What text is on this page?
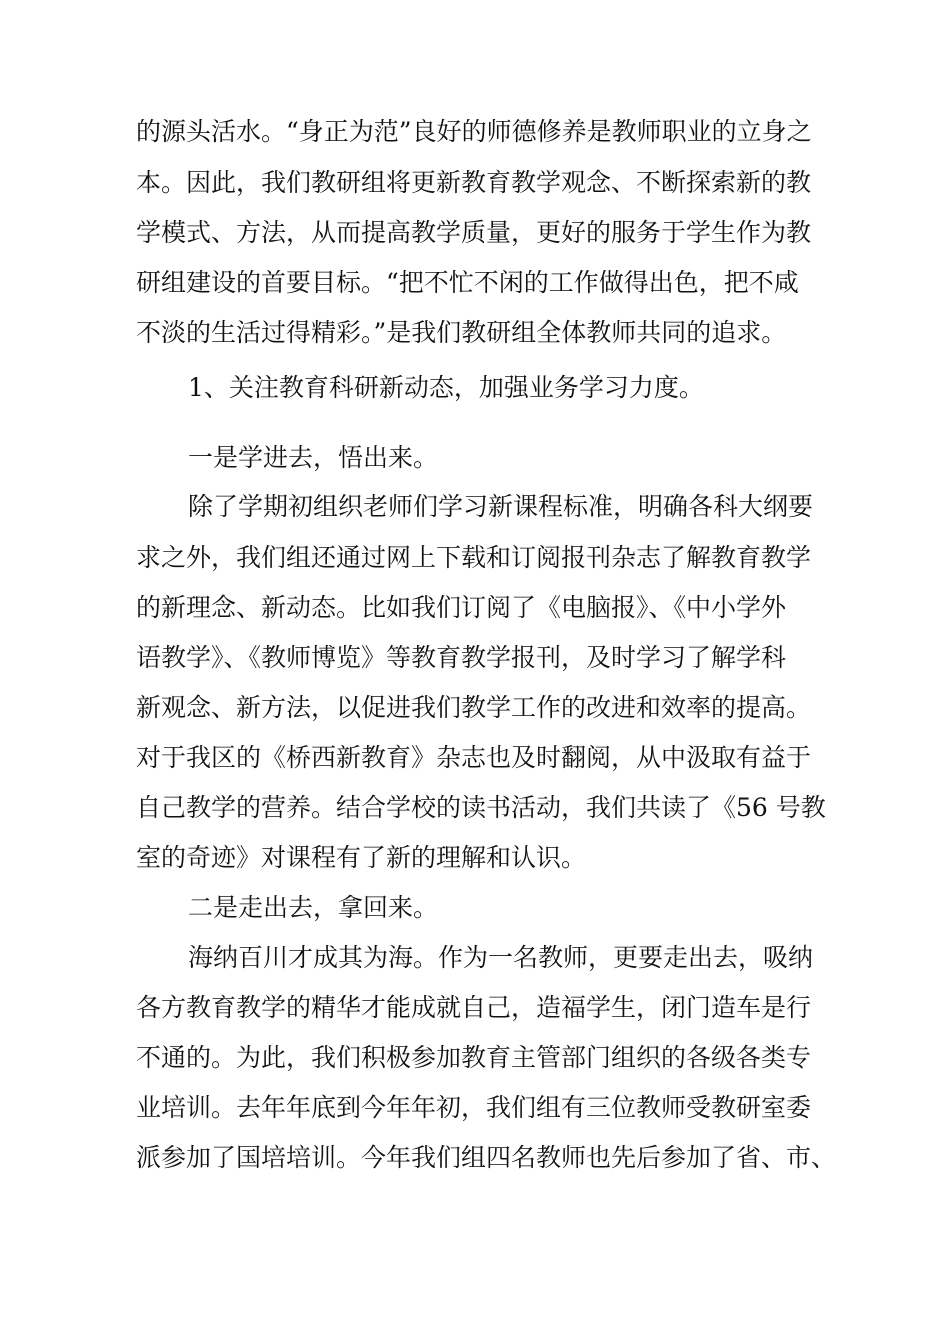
的源头活水。“身正为范”良好的师德修养是教师职业的立身之

本。因此，我们教研组将更新教育教学观念、不断探索新的教

学模式、方法，从而提高教学质量，更好的服务于学生作为教

研组建设的首要目标。“把不忙不闲的工作做得出色，把不咸

不淡的生活过得精彩。”是我们教研组全体教师共同的追求。

1、关注教育科研新动态，加强业务学习力度。

一是学进去，悟出来。

除了学期初组织老师们学习新课程标准，明确各科大纲要

求之外，我们组还通过网上下载和订阅报刊杂志了解教育教学

的新理念、新动态。比如我们订阅了《电脑报》、《中小学外

语教学》、《教师博览》等教育教学报刊，及时学习了解学科

新观念、新方法，以促进我们教学工作的改进和效率的提高。

对于我区的《桥西新教育》杂志也及时翻阅，从中汲取有益于

自己教学的营养。结合学校的读书活动，我们共读了《56 号教

室的奇迹》对课程有了新的理解和认识。

二是走出去，拿回来。

海纳百川才成其为海。作为一名教师，更要走出去，吸纳

各方教育教学的精华才能成就自己，造福学生，闭门造车是行

不通的。为此，我们积极参加教育主管部门组织的各级各类专

业培训。去年年底到今年年初，我们组有三位教师受教研室委

派参加了国培培训。今年我们组四名教师也先后参加了省、市、
